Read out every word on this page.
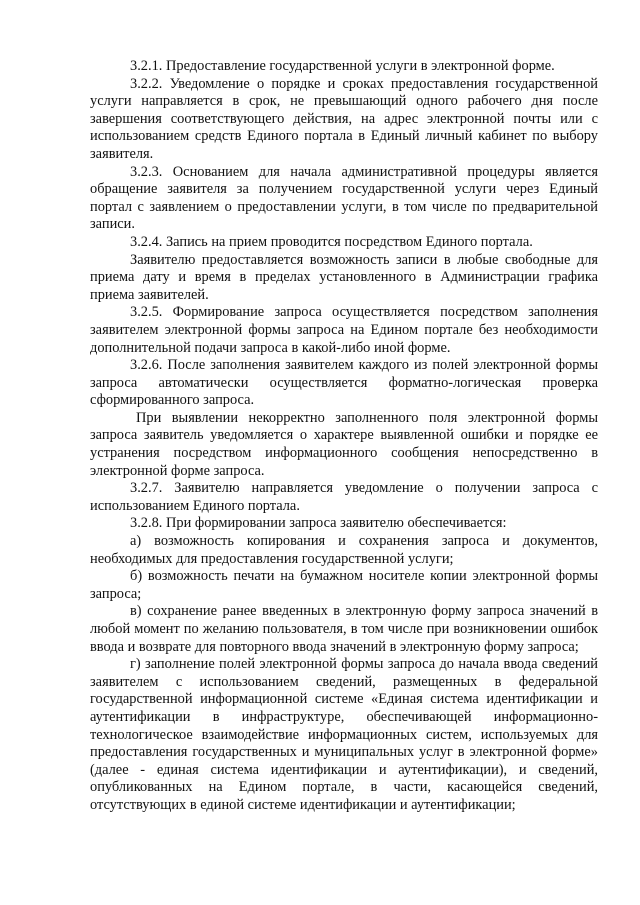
3.2.1. Предоставление государственной услуги в электронной форме.

3.2.2. Уведомление о порядке и сроках предоставления государственной услуги направляется в срок, не превышающий одного рабочего дня после завершения соответствующего действия, на адрес электронной почты или с использованием средств Единого портала в Единый личный кабинет по выбору заявителя.

3.2.3. Основанием для начала административной процедуры является обращение заявителя за получением государственной услуги через Единый портал с заявлением о предоставлении услуги, в том числе по предварительной записи.

3.2.4. Запись на прием проводится посредством Единого портала.

Заявителю предоставляется возможность записи в любые свободные для приема дату и время в пределах установленного в Администрации графика приема заявителей.

3.2.5. Формирование запроса осуществляется посредством заполнения заявителем электронной формы запроса на Едином портале без необходимости дополнительной подачи запроса в какой-либо иной форме.

3.2.6. После заполнения заявителем каждого из полей электронной формы запроса автоматически осуществляется форматно-логическая проверка сформированного запроса.

При выявлении некорректно заполненного поля электронной формы запроса заявитель уведомляется о характере выявленной ошибки и порядке ее устранения посредством информационного сообщения непосредственно в электронной форме запроса.

3.2.7. Заявителю направляется уведомление о получении запроса с использованием Единого портала.

3.2.8. При формировании запроса заявителю обеспечивается:

а) возможность копирования и сохранения запроса и документов, необходимых для предоставления государственной услуги;

б) возможность печати на бумажном носителе копии электронной формы запроса;

в) сохранение ранее введенных в электронную форму запроса значений в любой момент по желанию пользователя, в том числе при возникновении ошибок ввода и возврате для повторного ввода значений в электронную форму запроса;

г) заполнение полей электронной формы запроса до начала ввода сведений заявителем с использованием сведений, размещенных в федеральной государственной информационной системе «Единая система идентификации и аутентификации в инфраструктуре, обеспечивающей информационно-технологическое взаимодействие информационных систем, используемых для предоставления государственных и муниципальных услуг в электронной форме» (далее - единая система идентификации и аутентификации), и сведений, опубликованных на Едином портале, в части, касающейся сведений, отсутствующих в единой системе идентификации и аутентификации;
